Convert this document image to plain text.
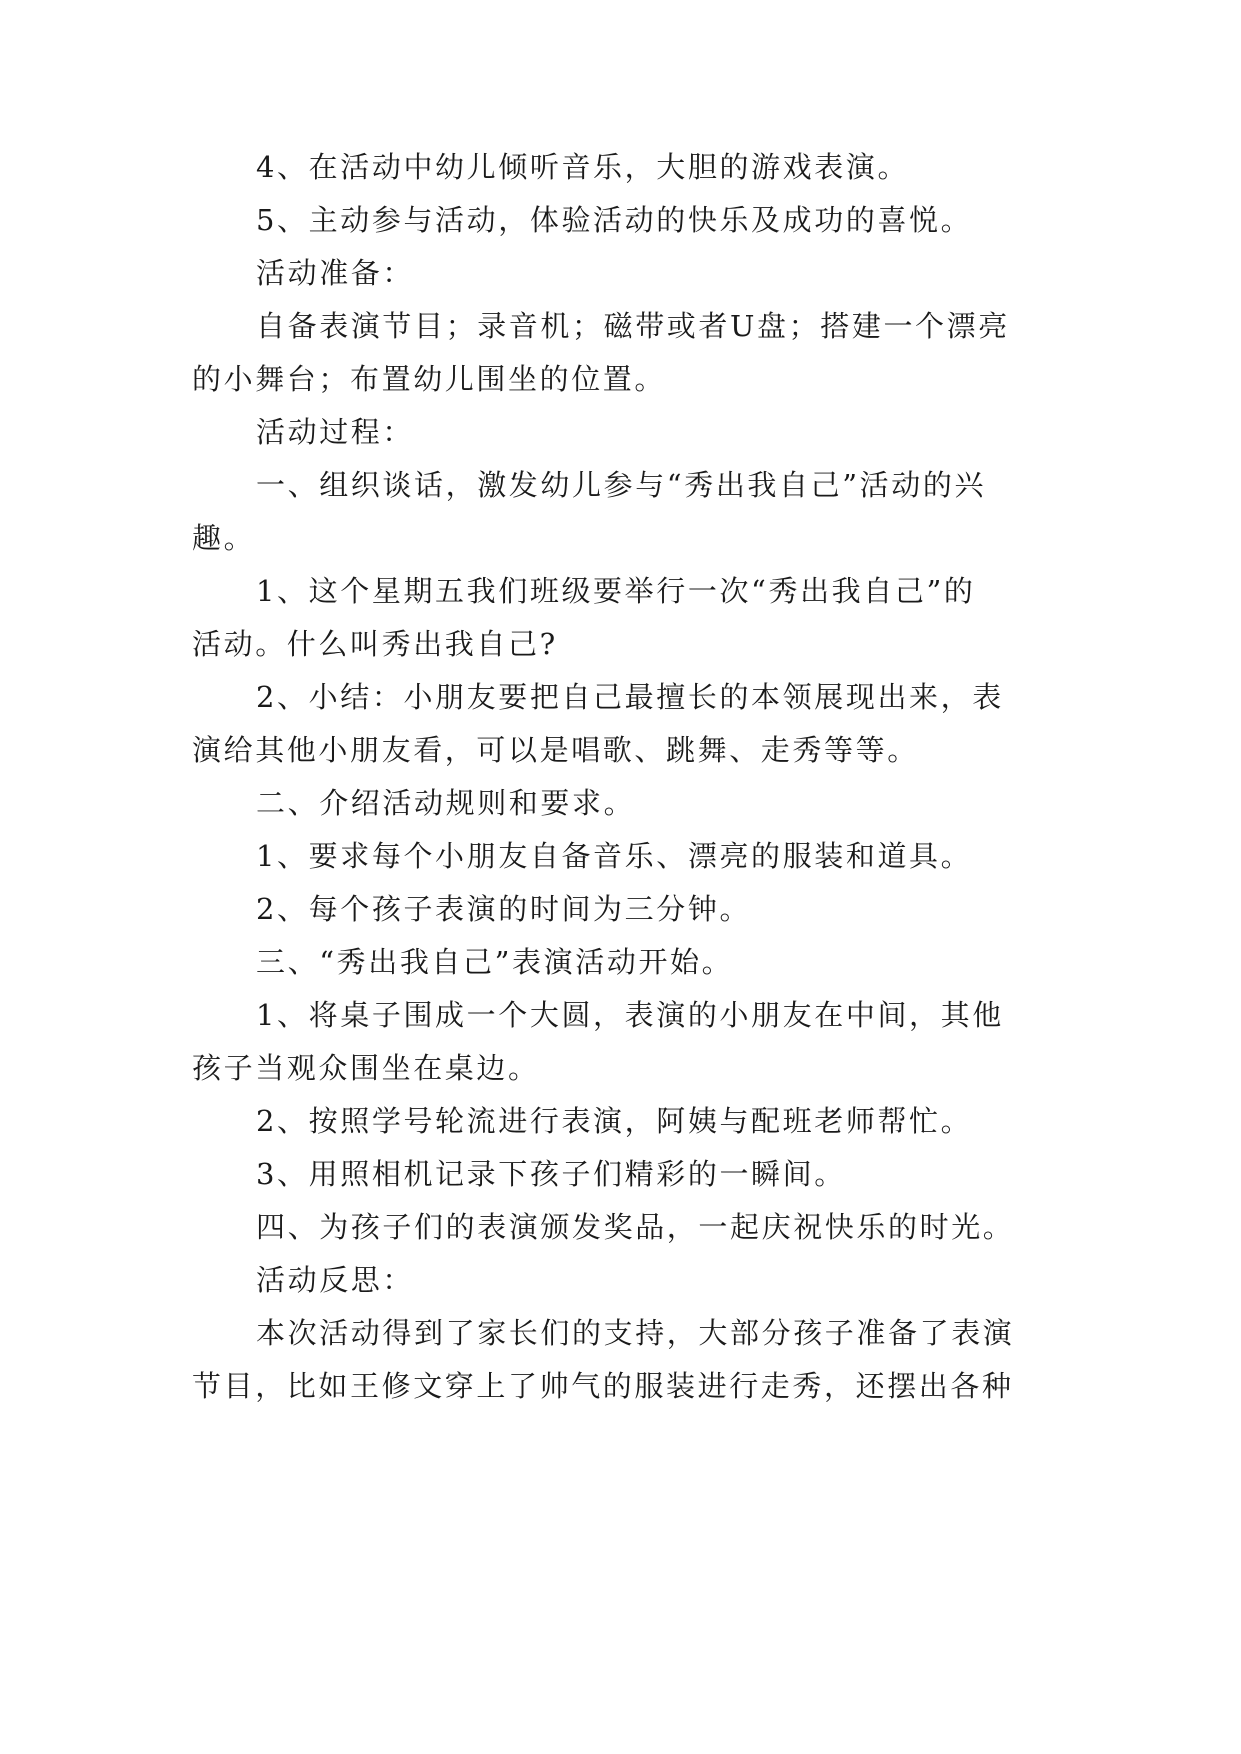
4、在活动中幼儿倾听音乐，大胆的游戏表演。
5、主动参与活动，体验活动的快乐及成功的喜悦。
活动准备：
自备表演节目；录音机；磁带或者U盘；搭建一个漂亮
的小舞台；布置幼儿围坐的位置。
活动过程：
一、组织谈话，激发幼儿参与“秀出我自己”活动的兴
趣。
1、这个星期五我们班级要举行一次“秀出我自己”的
活动。什么叫秀出我自己?
2、小结：小朋友要把自己最擅长的本领展现出来，表
演给其他小朋友看，可以是唱歌、跳舞、走秀等等。
二、介绍活动规则和要求。
1、要求每个小朋友自备音乐、漂亮的服装和道具。
2、每个孩子表演的时间为三分钟。
三、“秀出我自己”表演活动开始。
1、将桌子围成一个大圆，表演的小朋友在中间，其他
孩子当观众围坐在桌边。
2、按照学号轮流进行表演，阿姨与配班老师帮忙。
3、用照相机记录下孩子们精彩的一瞬间。
四、为孩子们的表演颁发奖品，一起庆祝快乐的时光。
活动反思：
本次活动得到了家长们的支持，大部分孩子准备了表演
节目，比如王修文穿上了帅气的服装进行走秀，还摆出各种
